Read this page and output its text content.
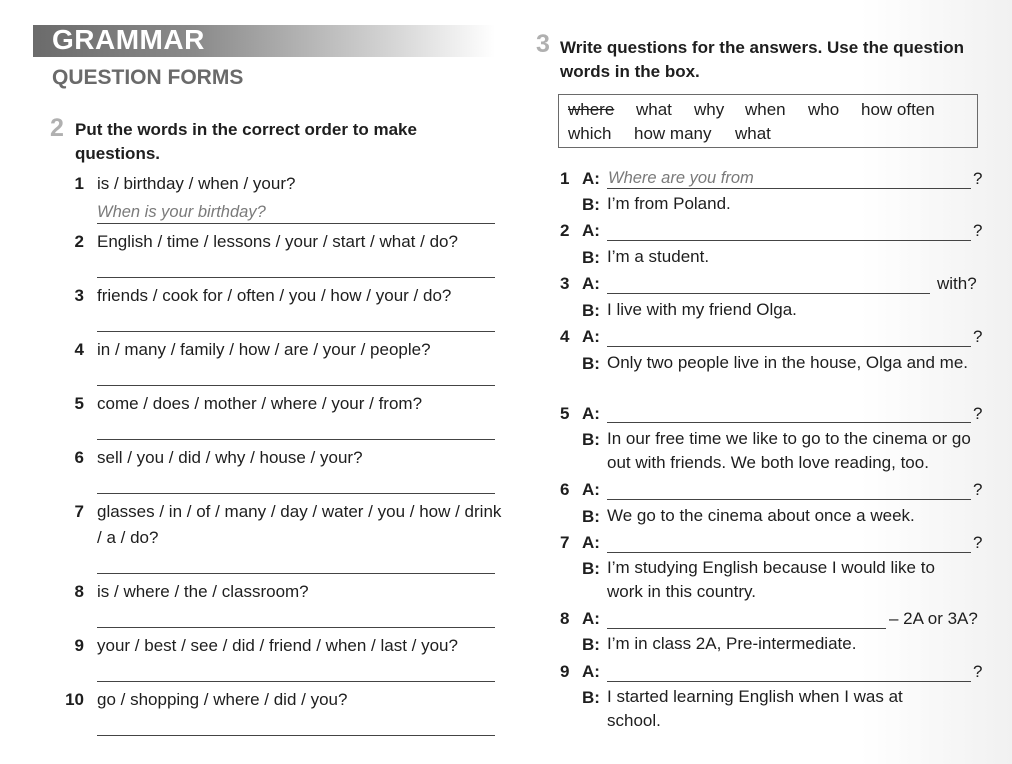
GRAMMAR
QUESTION FORMS
2 Put the words in the correct order to make questions.

1 is / birthday / when / your?
When is your birthday?
2 English / time / lessons / your / start / what / do?
3 friends / cook for / often / you / how / your / do?
4 in / many / family / how / are / your / people?
5 come / does / mother / where / your / from?
6 sell / you / did / why / house / your?
7 glasses / in / of / many / day / water / you / how / drink / a / do?
8 is / where / the / classroom?
9 your / best / see / did / friend / when / last / you?
10 go / shopping / where / did / you?
3 Write questions for the answers. Use the question words in the box.

where what why when who how often
which how many what
1 A: Where are you from	?
B: I’m from Poland.
2 A:	?
B: I’m a student.
3 A:	with?
B: I live with my friend Olga.
4 A:	?
B: Only two people live in the house, Olga and me.
5 A:	?
B: In our free time we like to go to the cinema or go out with friends. We both love reading, too.
6 A:	?
B: We go to the cinema about once a week.
7 A:	?
B: I’m studying English because I would like to work in this country.
8 A:	– 2A or 3A?
B: I’m in class 2A, Pre-intermediate.
9 A:	?
B: I started learning English when I was at school.
